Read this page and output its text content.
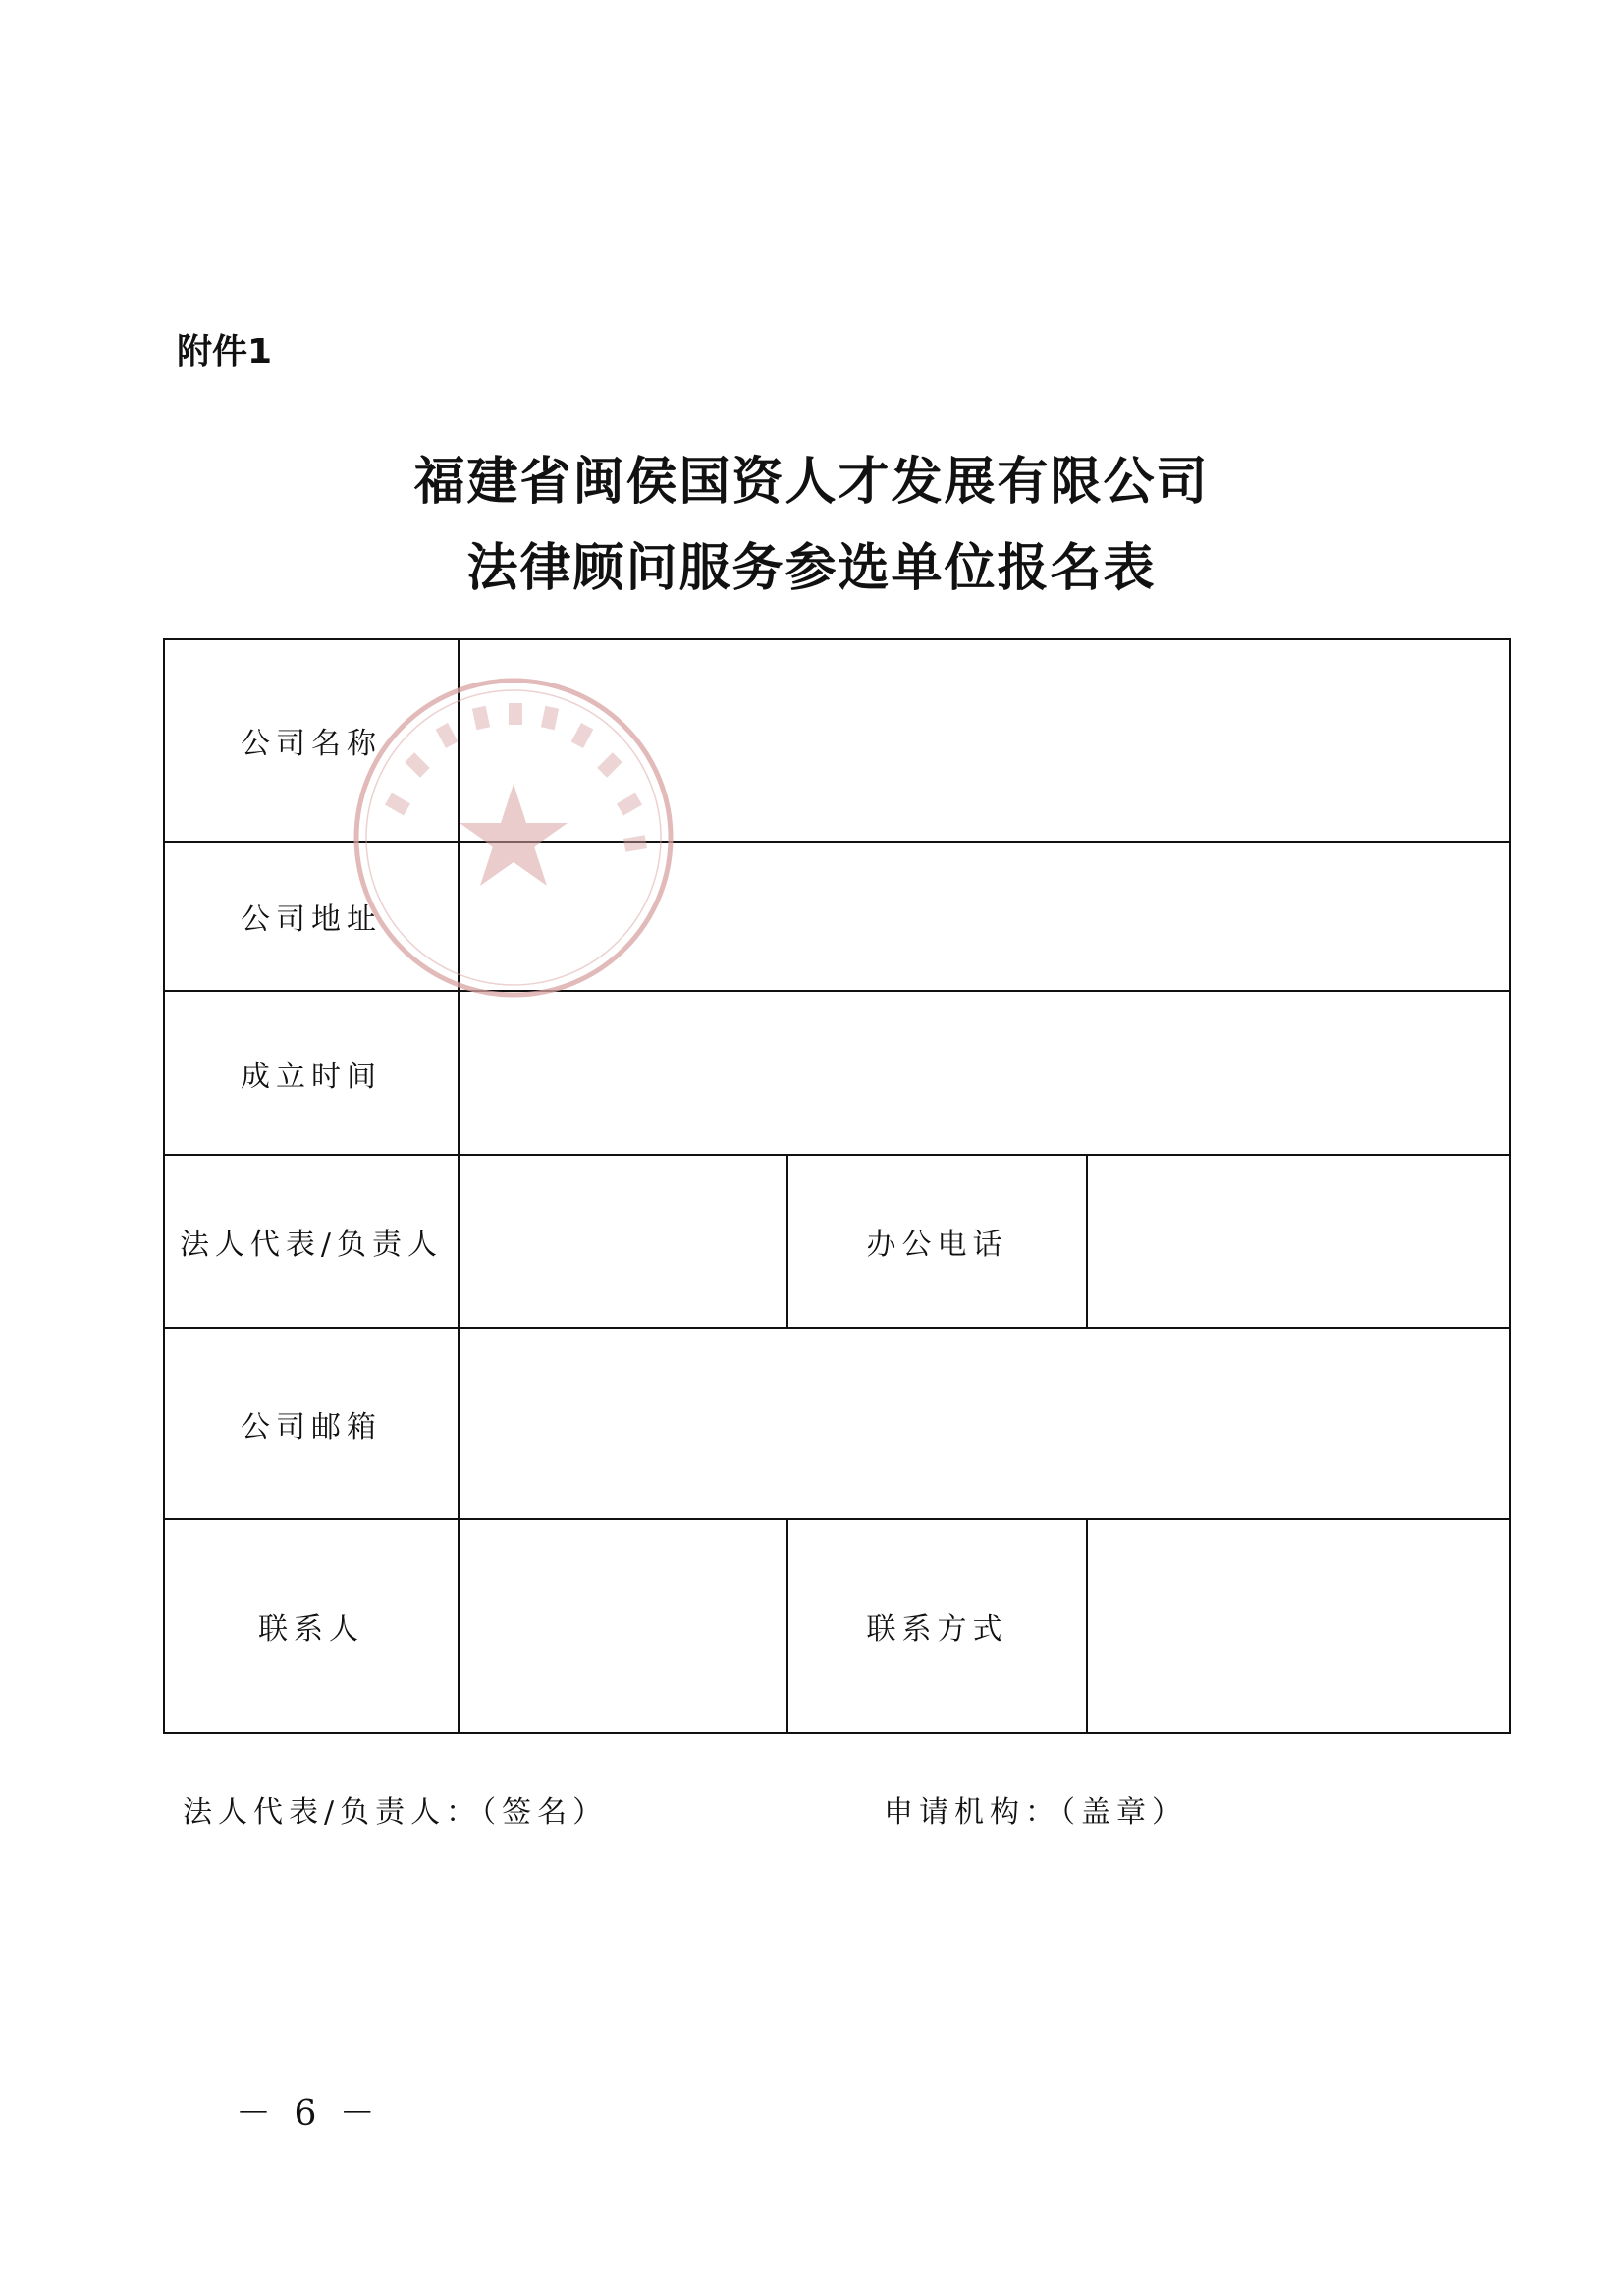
附件1
福建省闽侯国资人才发展有限公司
法律顾问服务参选单位报名表
公司名称			
公司地址			
成立时间			
法人代表/负责人		办公电话	
公司邮箱			
联系人		联系方式	
法人代表/负责人：（签名）	申请机构：（盖章）
－ 6 －
